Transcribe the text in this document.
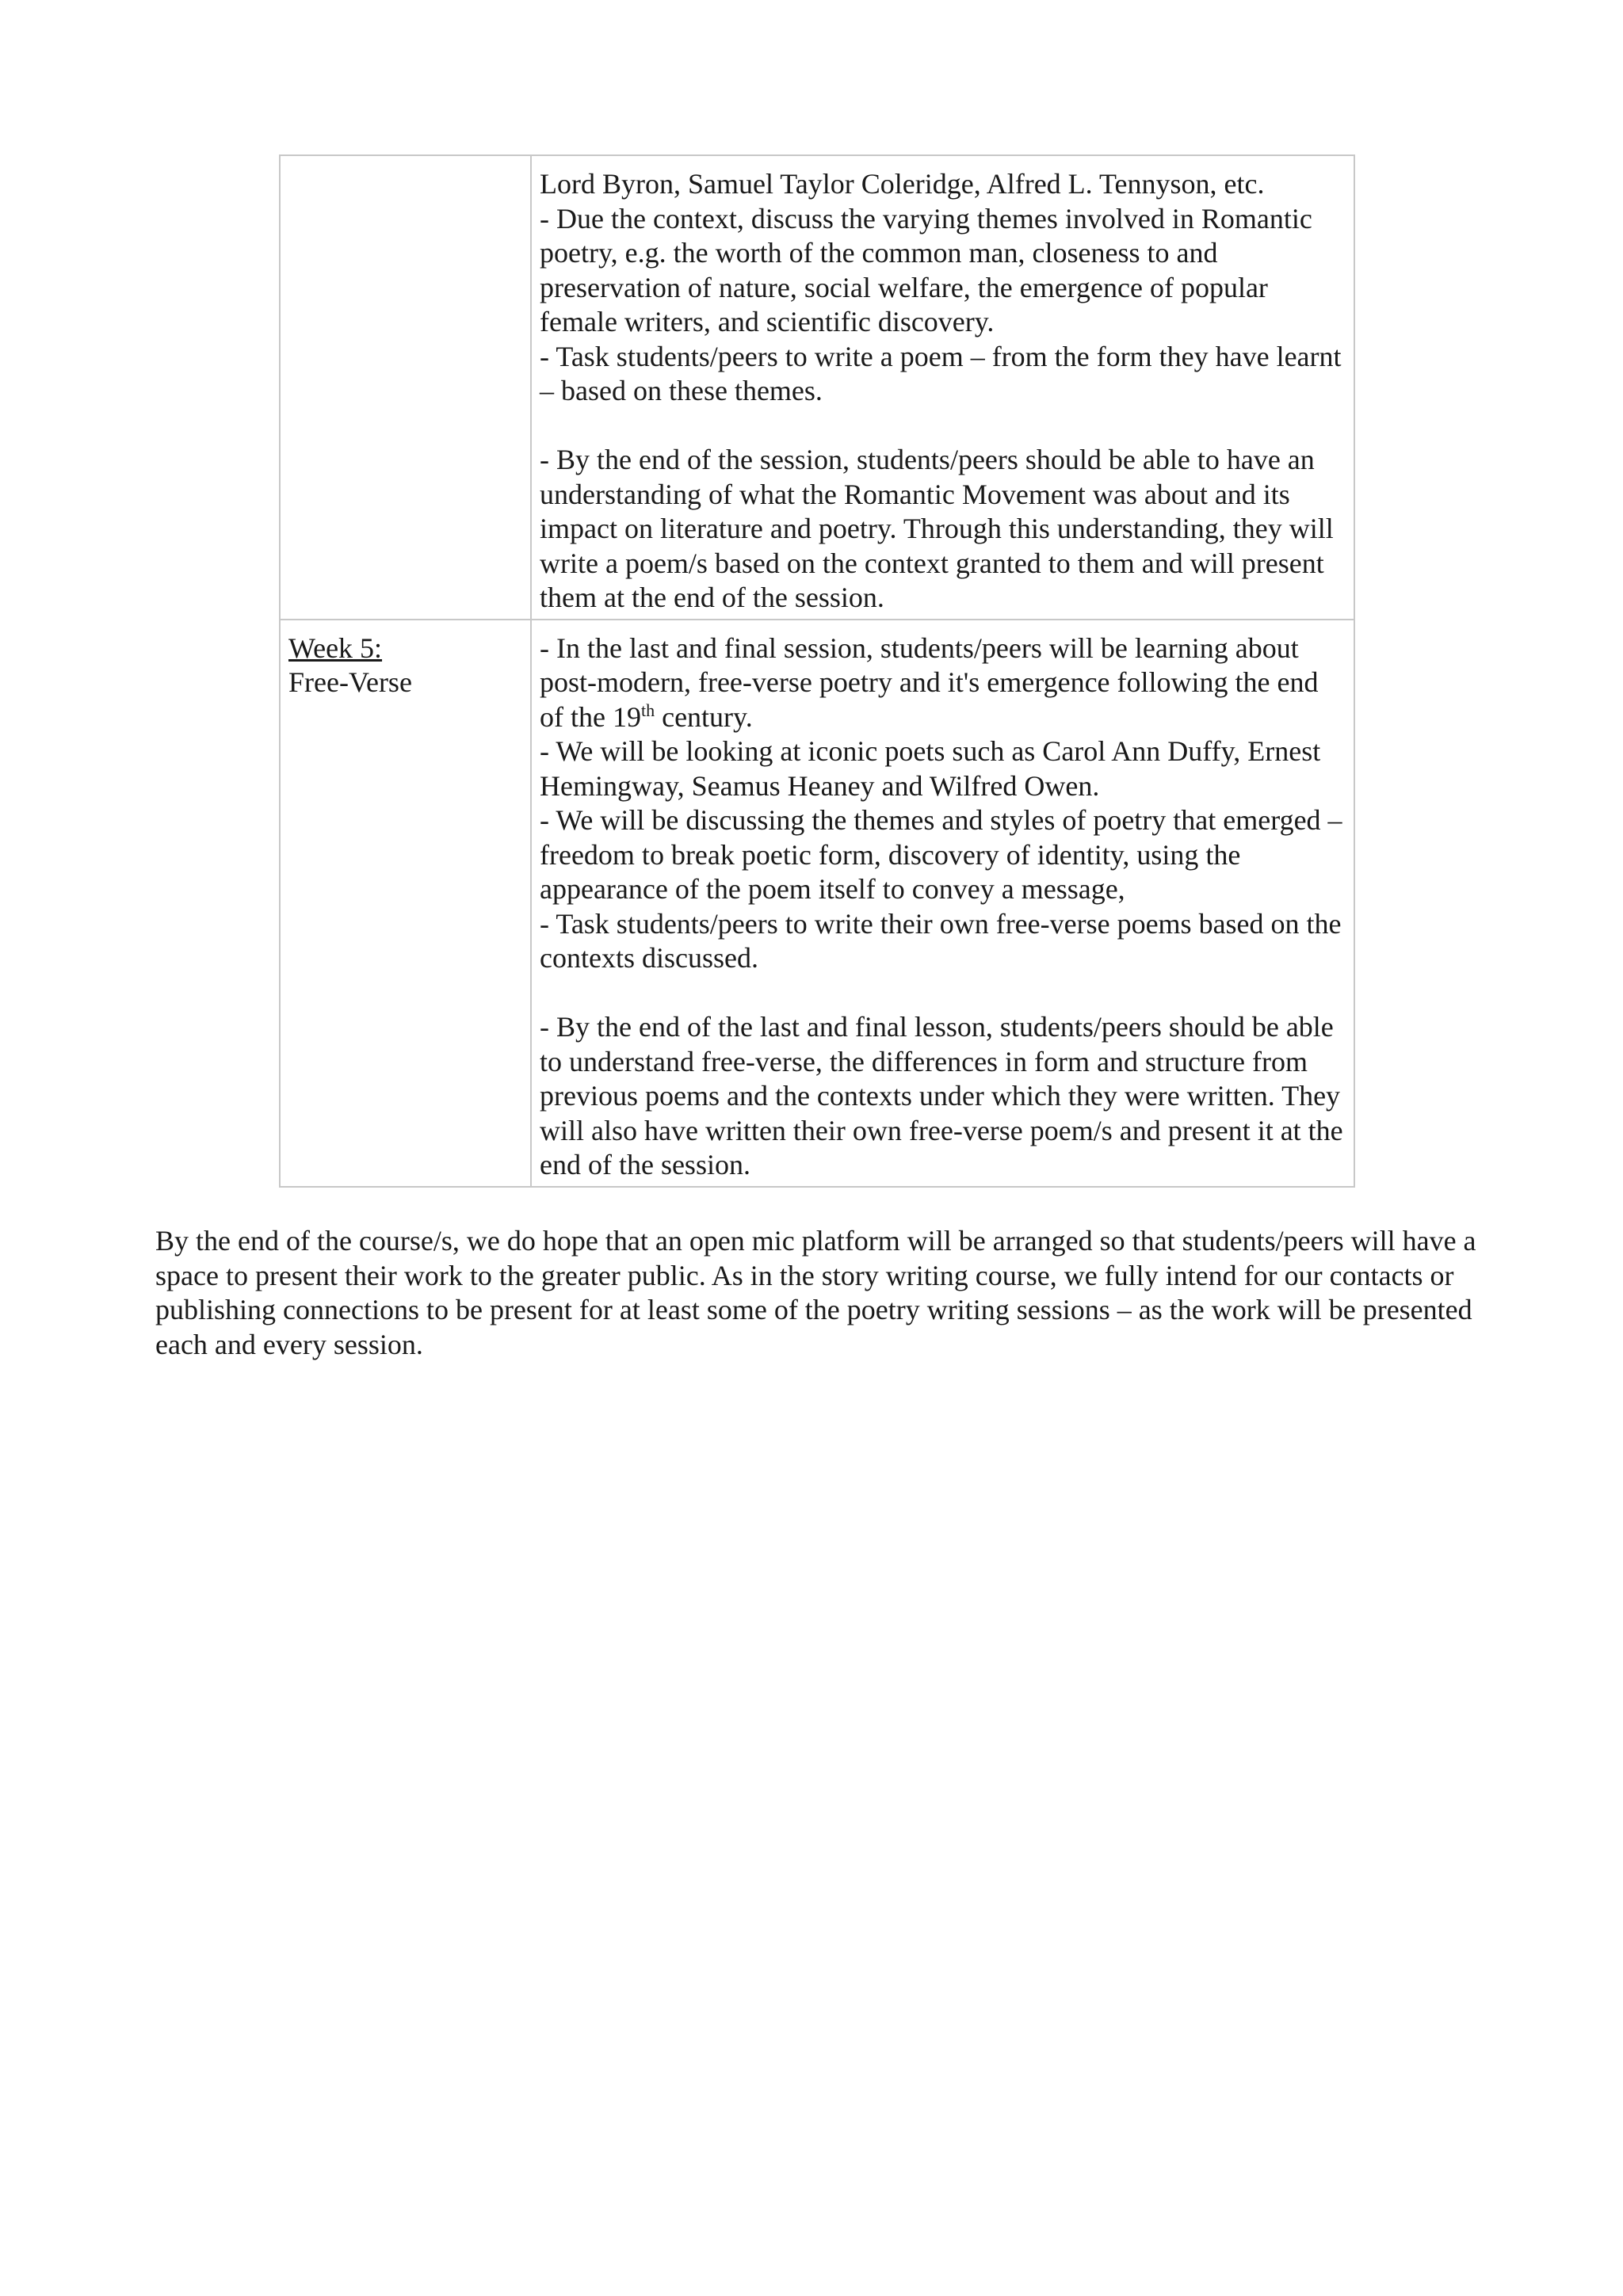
	Lord Byron, Samuel Taylor Coleridge, Alfred L. Tennyson, etc.
- Due the context, discuss the varying themes involved in Romantic poetry, e.g. the worth of the common man, closeness to and preservation of nature, social welfare, the emergence of popular female writers, and scientific discovery.
- Task students/peers to write a poem – from the form they have learnt – based on these themes.
- By the end of the session, students/peers should be able to have an understanding of what the Romantic Movement was about and its impact on literature and poetry. Through this understanding, they will write a poem/s based on the context granted to them and will present them at the end of the session.

Week 5:
Free-Verse	- In the last and final session, students/peers will be learning about post-modern, free-verse poetry and it's emergence following the end of the 19th century.
- We will be looking at iconic poets such as Carol Ann Duffy, Ernest Hemingway, Seamus Heaney and Wilfred Owen.
- We will be discussing the themes and styles of poetry that emerged – freedom to break poetic form, discovery of identity, using the appearance of the poem itself to convey a message,
- Task students/peers to write their own free-verse poems based on the contexts discussed.
- By the end of the last and final lesson, students/peers should be able to understand free-verse, the differences in form and structure from previous poems and the contexts under which they were written. They will also have written their own free-verse poem/s and present it at the end of the session.

By the end of the course/s, we do hope that an open mic platform will be arranged so that students/peers will have a space to present their work to the greater public. As in the story writing course, we fully intend for our contacts or publishing connections to be present for at least some of the poetry writing sessions – as the work will be presented each and every session.
